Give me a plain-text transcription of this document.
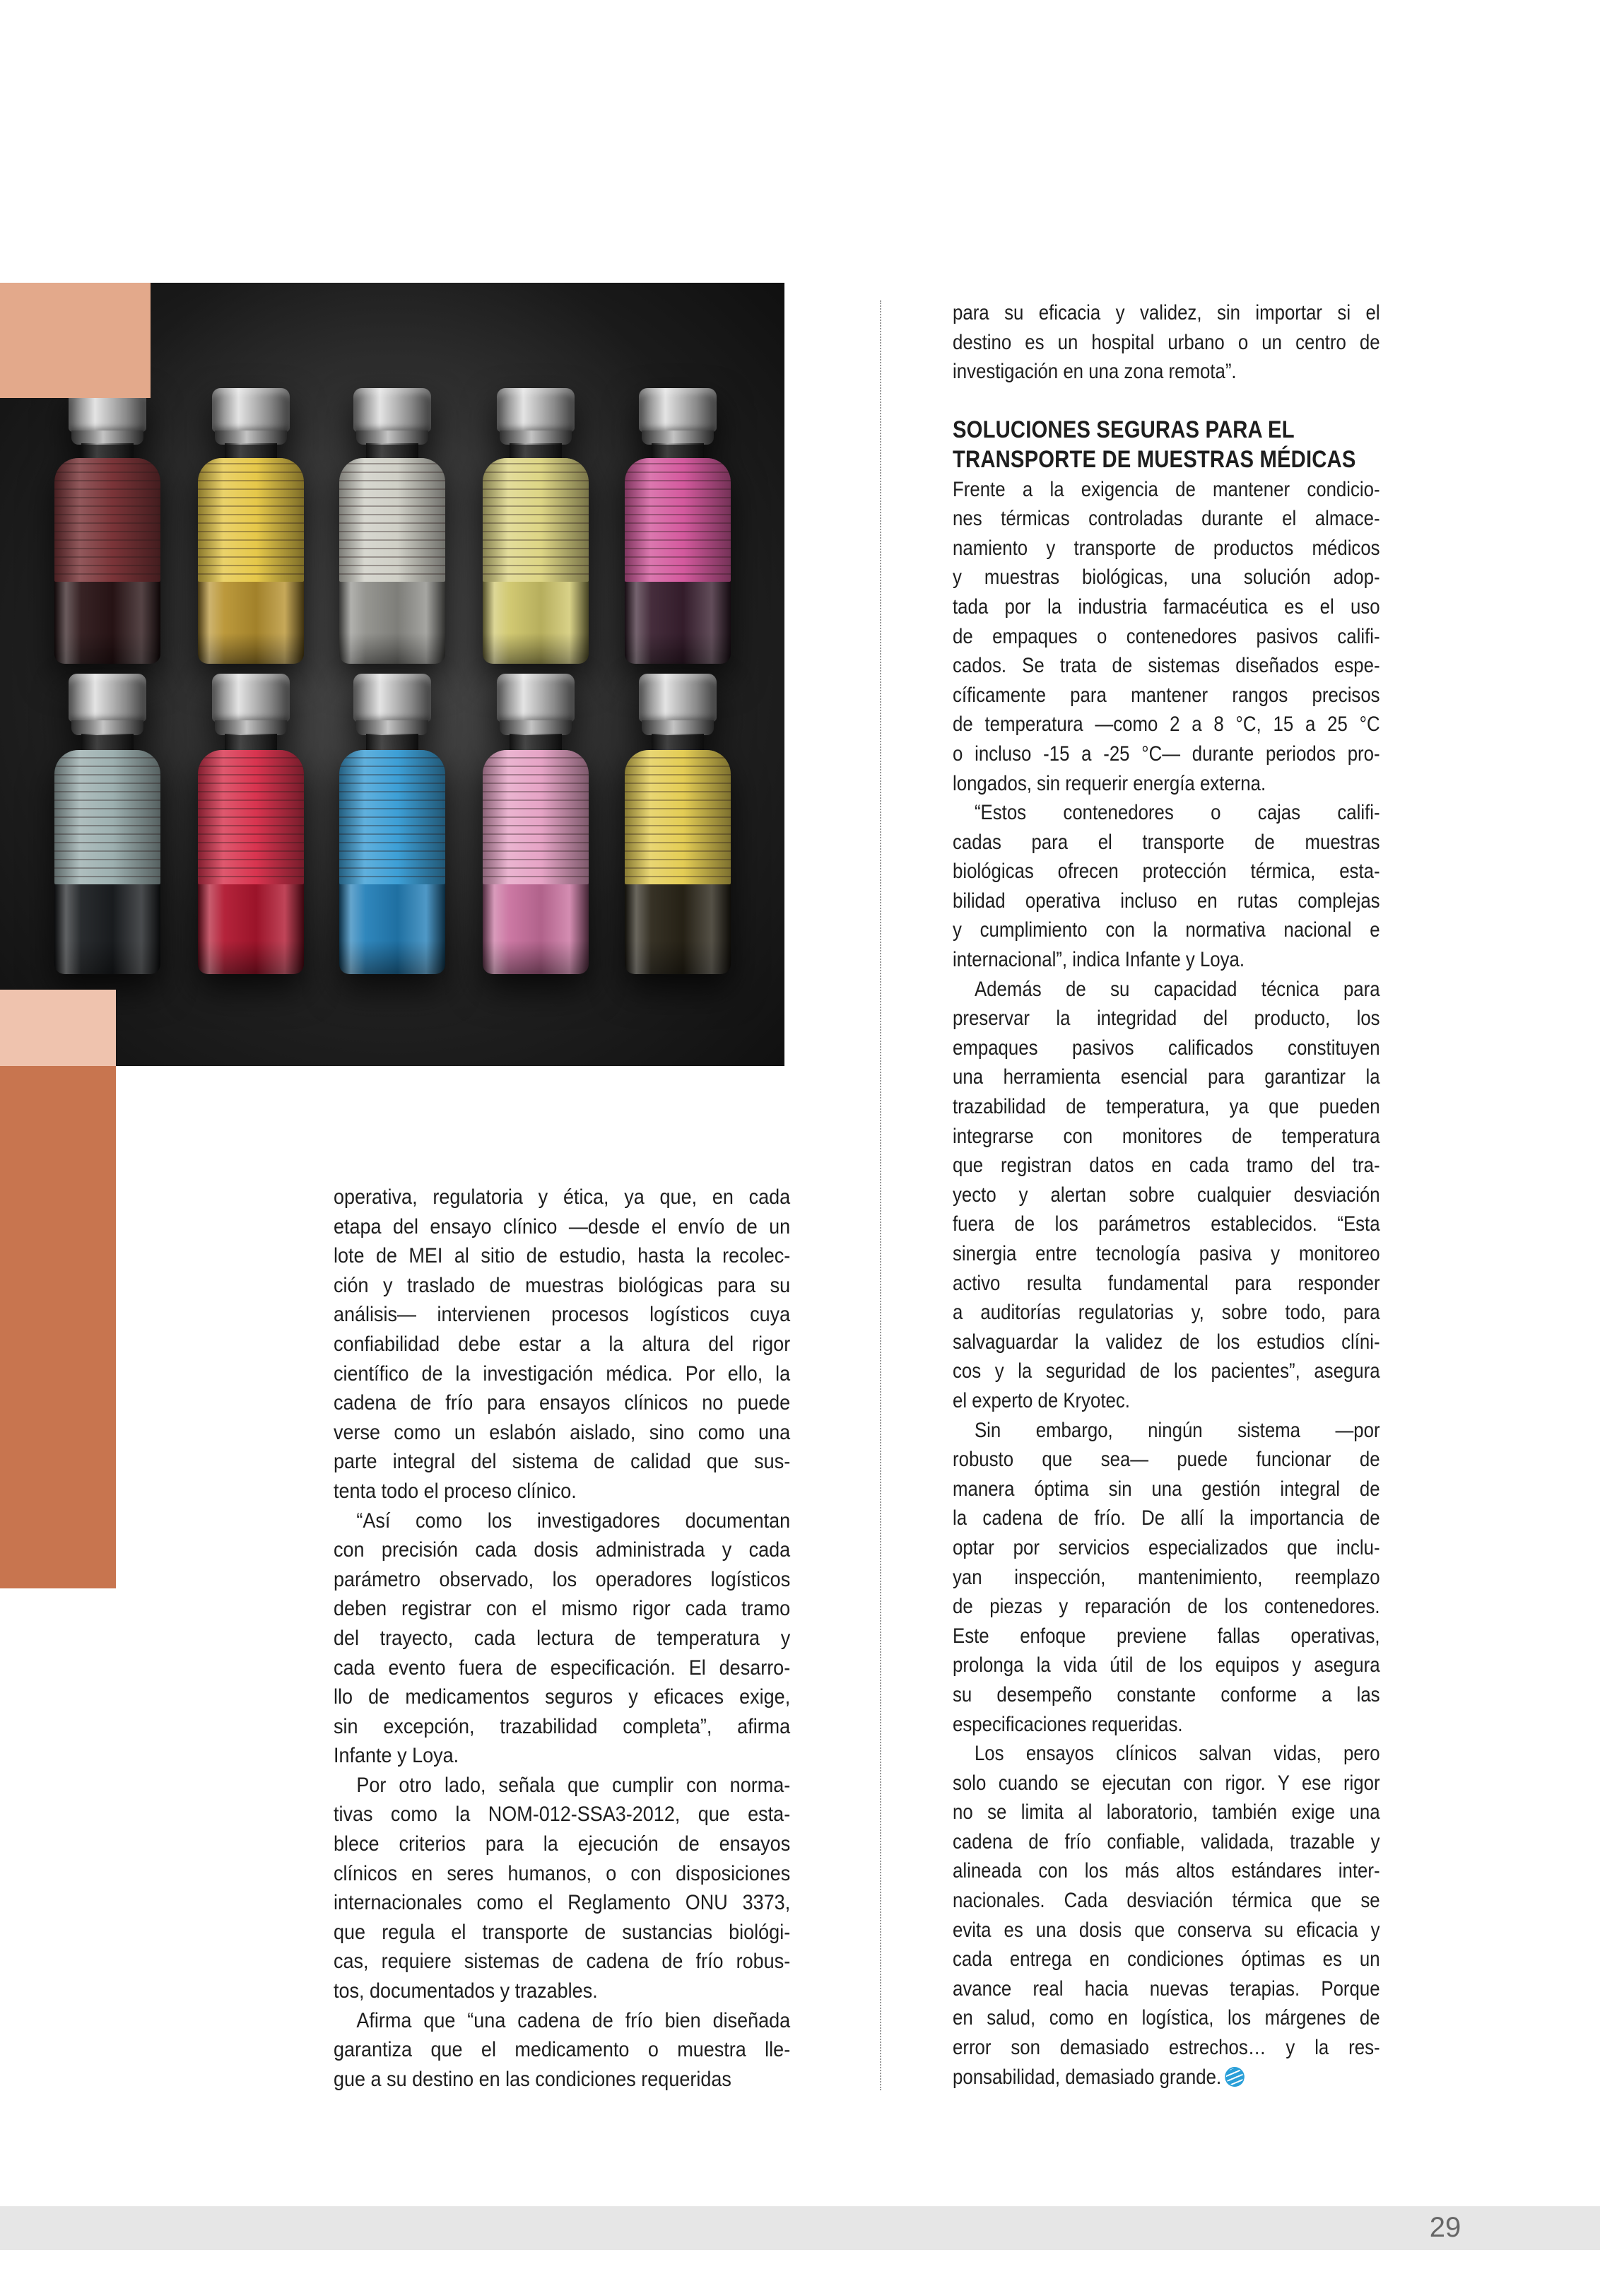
operativa, regulatoria y ética, ya que, en cada
etapa del ensayo clínico —desde el envío de un
lote de MEI al sitio de estudio, hasta la recolec-
ción y traslado de muestras biológicas para su
análisis— intervienen procesos logísticos cuya
confiabilidad debe estar a la altura del rigor
científico de la investigación médica. Por ello, la
cadena de frío para ensayos clínicos no puede
verse como un eslabón aislado, sino como una
parte integral del sistema de calidad que sus-
tenta todo el proceso clínico.
“Así como los investigadores documentan
con precisión cada dosis administrada y cada
parámetro observado, los operadores logísticos
deben registrar con el mismo rigor cada tramo
del trayecto, cada lectura de temperatura y
cada evento fuera de especificación. El desarro-
llo de medicamentos seguros y eficaces exige,
sin excepción, trazabilidad completa”, afirma
Infante y Loya.
Por otro lado, señala que cumplir con norma-
tivas como la NOM-012-SSA3-2012, que esta-
blece criterios para la ejecución de ensayos
clínicos en seres humanos, o con disposiciones
internacionales como el Reglamento ONU 3373,
que regula el transporte de sustancias biológi-
cas, requiere sistemas de cadena de frío robus-
tos, documentados y trazables.
Afirma que “una cadena de frío bien diseñada
garantiza que el medicamento o muestra lle-
gue a su destino en las condiciones requeridas
para su eficacia y validez, sin importar si el
destino es un hospital urbano o un centro de
investigación en una zona remota”.
SOLUCIONES SEGURAS PARA EL
TRANSPORTE DE MUESTRAS MÉDICAS
Frente a la exigencia de mantener condicio-
nes térmicas controladas durante el almace-
namiento y transporte de productos médicos
y muestras biológicas, una solución adop-
tada por la industria farmacéutica es el uso
de empaques o contenedores pasivos califi-
cados. Se trata de sistemas diseñados espe-
cíficamente para mantener rangos precisos
de temperatura —como 2 a 8 °C, 15 a 25 °C
o incluso -15 a -25 °C— durante periodos pro-
longados, sin requerir energía externa.
“Estos contenedores o cajas califi-
cadas para el transporte de muestras
biológicas ofrecen protección térmica, esta-
bilidad operativa incluso en rutas complejas
y cumplimiento con la normativa nacional e
internacional”, indica Infante y Loya.
Además de su capacidad técnica para
preservar la integridad del producto, los
empaques pasivos calificados constituyen
una herramienta esencial para garantizar la
trazabilidad de temperatura, ya que pueden
integrarse con monitores de temperatura
que registran datos en cada tramo del tra-
yecto y alertan sobre cualquier desviación
fuera de los parámetros establecidos. “Esta
sinergia entre tecnología pasiva y monitoreo
activo resulta fundamental para responder
a auditorías regulatorias y, sobre todo, para
salvaguardar la validez de los estudios clíni-
cos y la seguridad de los pacientes”, asegura
el experto de Kryotec.
Sin embargo, ningún sistema —por
robusto que sea— puede funcionar de
manera óptima sin una gestión integral de
la cadena de frío. De allí la importancia de
optar por servicios especializados que inclu-
yan inspección, mantenimiento, reemplazo
de piezas y reparación de los contenedores.
Este enfoque previene fallas operativas,
prolonga la vida útil de los equipos y asegura
su desempeño constante conforme a las
especificaciones requeridas.
Los ensayos clínicos salvan vidas, pero
solo cuando se ejecutan con rigor. Y ese rigor
no se limita al laboratorio, también exige una
cadena de frío confiable, validada, trazable y
alineada con los más altos estándares inter-
nacionales. Cada desviación térmica que se
evita es una dosis que conserva su eficacia y
cada entrega en condiciones óptimas es un
avance real hacia nuevas terapias. Porque
en salud, como en logística, los márgenes de
error son demasiado estrechos… y la res-
ponsabilidad, demasiado grande.
29
